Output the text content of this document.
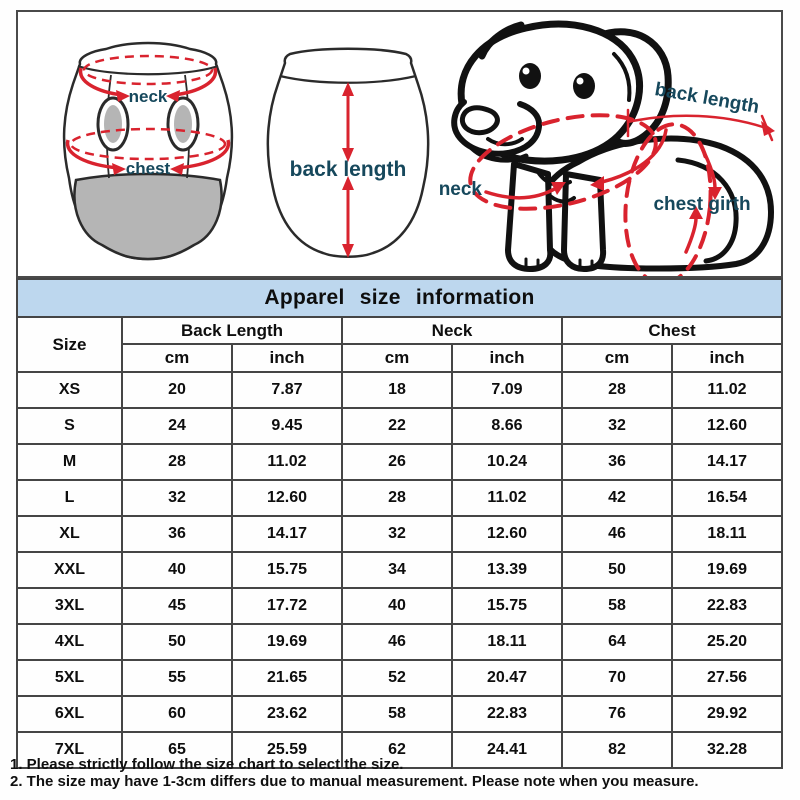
neck
chest	back length
neck
back length
chest girth
Apparel size information						
Size	Back Length		Neck		Chest	
	cm	inch	cm	inch	cm	inch
XS	20	7.87	18	7.09	28	11.02
S	24	9.45	22	8.66	32	12.60
M	28	11.02	26	10.24	36	14.17
L	32	12.60	28	11.02	42	16.54
XL	36	14.17	32	12.60	46	18.11
XXL	40	15.75	34	13.39	50	19.69
3XL	45	17.72	40	15.75	58	22.83
4XL	50	19.69	46	18.11	64	25.20
5XL	55	21.65	52	20.47	70	27.56
6XL	60	23.62	58	22.83	76	29.92
7XL	65	25.59	62	24.41	82	32.28
1. Please strictly follow the size chart to select the size.
2. The size may have 1-3cm differs due to manual measurement. Please note when you measure.
